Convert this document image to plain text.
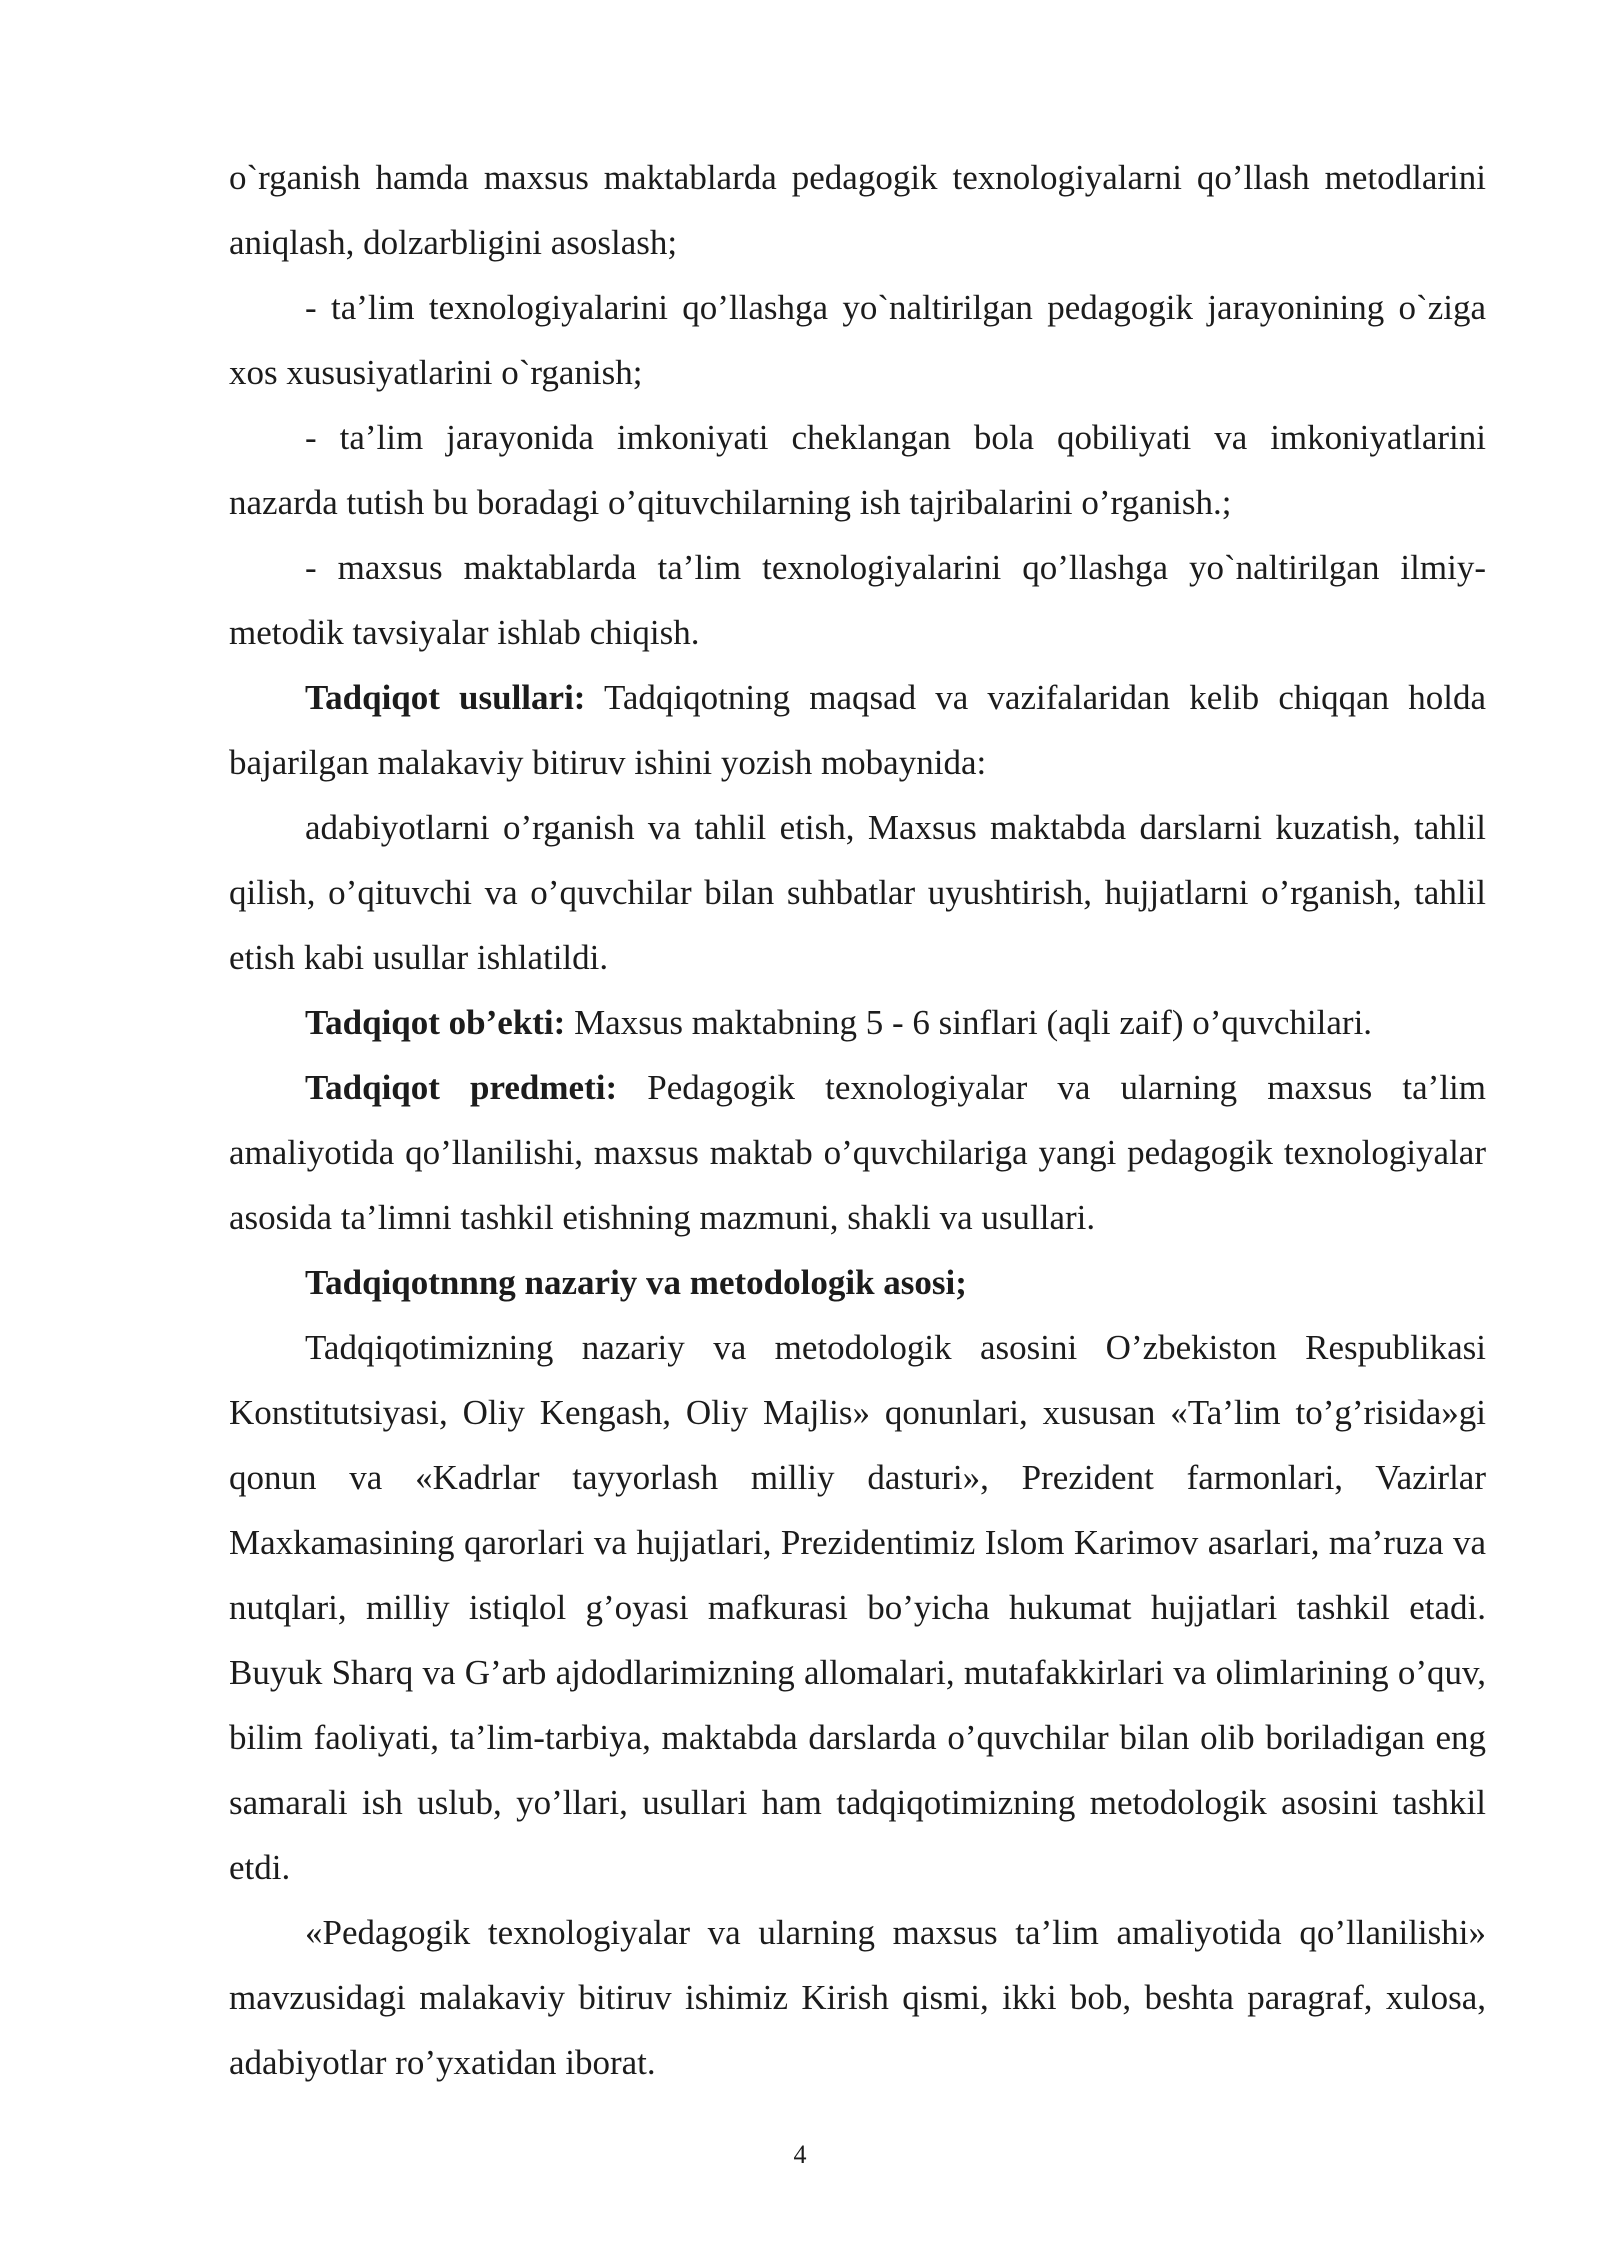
o`rganish hamda maxsus maktablarda pedagogik texnologiyalarni qo’llash metodlarini aniqlash, dolzarbligini asoslash;

- ta’lim texnologiyalarini qo’llashga yo`naltirilgan pedagogik jarayonining o`ziga xos xususiyatlarini o`rganish;

- ta’lim jarayonida imkoniyati cheklangan bola qobiliyati va imkoniyatlarini nazarda tutish bu boradagi o’qituvchilarning ish tajribalarini o’rganish.;

- maxsus maktablarda ta’lim texnologiyalarini qo’llashga yo`naltirilgan ilmiy-metodik tavsiyalar ishlab chiqish.

Tadqiqot usullari: Tadqiqotning maqsad va vazifalaridan kelib chiqqan holda bajarilgan malakaviy bitiruv ishini yozish mobaynida:

adabiyotlarni o’rganish va tahlil etish, Maxsus maktabda darslarni kuzatish, tahlil qilish, o’qituvchi va o’quvchilar bilan suhbatlar uyushtirish, hujjatlarni o’rganish, tahlil etish kabi usullar ishlatildi.

Tadqiqot ob’ekti: Maxsus maktabning 5 - 6 sinflari (aqli zaif) o’quvchilari.

Tadqiqot predmeti: Pedagogik texnologiyalar va ularning maxsus ta’lim amaliyotida qo’llanilishi, maxsus maktab o’quvchilariga yangi pedagogik texnologiyalar asosida ta’limni tashkil etishning mazmuni, shakli va usullari.

Tadqiqotnnng nazariy va metodologik asosi;

Tadqiqotimizning nazariy va metodologik asosini O’zbekiston Respublikasi Konstitutsiyasi, Oliy Kengash, Oliy Majlis» qonunlari, xususan «Ta’lim to’g’risida»gi qonun va «Kadrlar tayyorlash milliy dasturi», Prezident farmonlari, Vazirlar Maxkamasining qarorlari va hujjatlari, Prezidentimiz Islom Karimov asarlari, ma’ruza va nutqlari, milliy istiqlol g’oyasi mafkurasi bo’yicha hukumat hujjatlari tashkil etadi. Buyuk Sharq va G’arb ajdodlarimizning allomalari, mutafakkirlari va olimlarining o’quv, bilim faoliyati, ta’lim-tarbiya, maktabda darslarda o’quvchilar bilan olib boriladigan eng samarali ish uslub, yo’llari, usullari ham tadqiqotimizning metodologik asosini tashkil etdi.

«Pedagogik texnologiyalar va ularning maxsus ta’lim amaliyotida qo’llanilishi» mavzusidagi malakaviy bitiruv ishimiz Kirish qismi, ikki bob, beshta paragraf, xulosa, adabiyotlar ro’yxatidan iborat.

4
